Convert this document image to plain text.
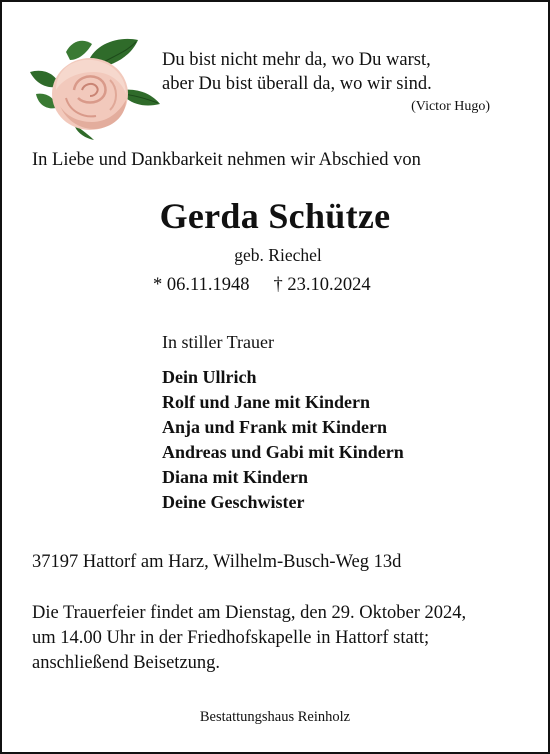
Du bist nicht mehr da, wo Du warst,
aber Du bist überall da, wo wir sind.
(Victor Hugo)
In Liebe und Dankbarkeit nehmen wir Abschied von
Gerda Schütze
geb. Riechel
* 06.11.1948 † 23.10.2024
In stiller Trauer
Dein Ullrich
Rolf und Jane mit Kindern
Anja und Frank mit Kindern
Andreas und Gabi mit Kindern
Diana mit Kindern
Deine Geschwister
37197 Hattorf am Harz, Wilhelm-Busch-Weg 13d
Die Trauerfeier findet am Dienstag, den 29. Oktober 2024,
um 14.00 Uhr in der Friedhofskapelle in Hattorf statt;
anschließend Beisetzung.
Bestattungshaus Reinholz
